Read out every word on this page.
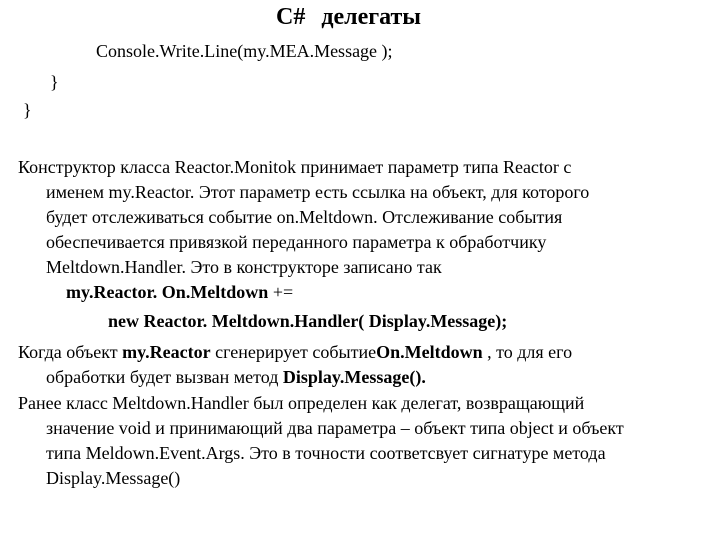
C# делегаты
Console.Write.Line(my.MEA.Message );
}
}
Конструктор класса Reactor.Monitok принимает параметр типа Reactor с
именем my.Reactor. Этот параметр есть ссылка на объект, для которого
будет отслеживаться событие on.Meltdown. Отслеживание события
обеспечивается привязкой переданного параметра к обработчику
Meltdown.Handler. Это в конструкторе записано так
my.Reactor. On.Meltdown +=
new Reactor. Meltdown.Handler( Display.Message);
Когда объект my.Reactor сгенерирует событиеOn.Meltdown , то для его
обработки будет вызван метод Display.Message().
Ранее класс Meltdown.Handler был определен как делегат, возвращающий
значение void и принимающий два параметра – объект типа object и объект
типа Meldown.Event.Args. Это в точности соответсвует сигнатуре метода
Display.Message()
